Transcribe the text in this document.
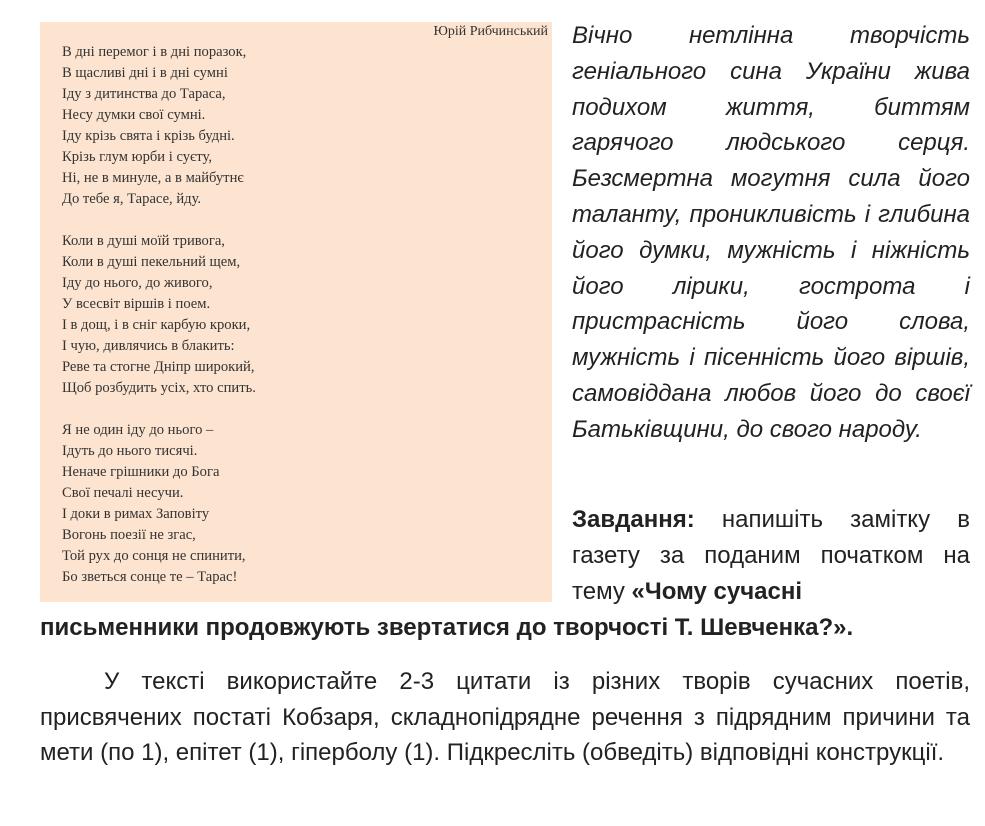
Юрій Рибчинський
В дні перемог і в дні поразок,
В щасливі дні і в дні сумні
Іду з дитинства до Тараса,
Несу думки свої сумні.
Іду крізь свята і крізь будні.
Крізь глум юрби і суєту,
Ні, не в минуле, а в майбутнє
До тебе я, Тарасе, йду.
Коли в душі моїй тривога,
Коли в душі пекельний щем,
Іду до нього, до живого,
У всесвіт віршів і поем.
І в дощ, і в сніг карбую кроки,
І чую, дивлячись в блакить:
Реве та стогне Дніпр широкий,
Щоб розбудить усіх, хто спить.
Я не один іду до нього –
Ідуть до нього тисячі.
Неначе грішники до Бога
Свої печалі несучи.
І доки в римах Заповіту
Вогонь поезії не згас,
Той рух до сонця не спинити,
Бо зветься сонце те – Тарас!
Вічно нетлінна творчість геніального сина України жива подихом життя, биттям гарячого людського серця. Безсмертна могутня сила його таланту, проникливість і глибина його думки, мужність і ніжність його лірики, гострота і пристрасність його слова, мужність і пісенність його віршів, самовіддана любов його до своєї Батьківщини, до свого народу.
Завдання: напишіть замітку в газету за поданим початком на тему «Чому сучасні
письменники продовжують звертатися до творчості Т. Шевченка?».
У тексті використайте 2-3 цитати із різних творів сучасних поетів, присвячених постаті Кобзаря, складнопідрядне речення з підрядним причини та мети (по 1), епітет (1), гіперболу (1). Підкресліть (обведіть) відповідні конструкції.
